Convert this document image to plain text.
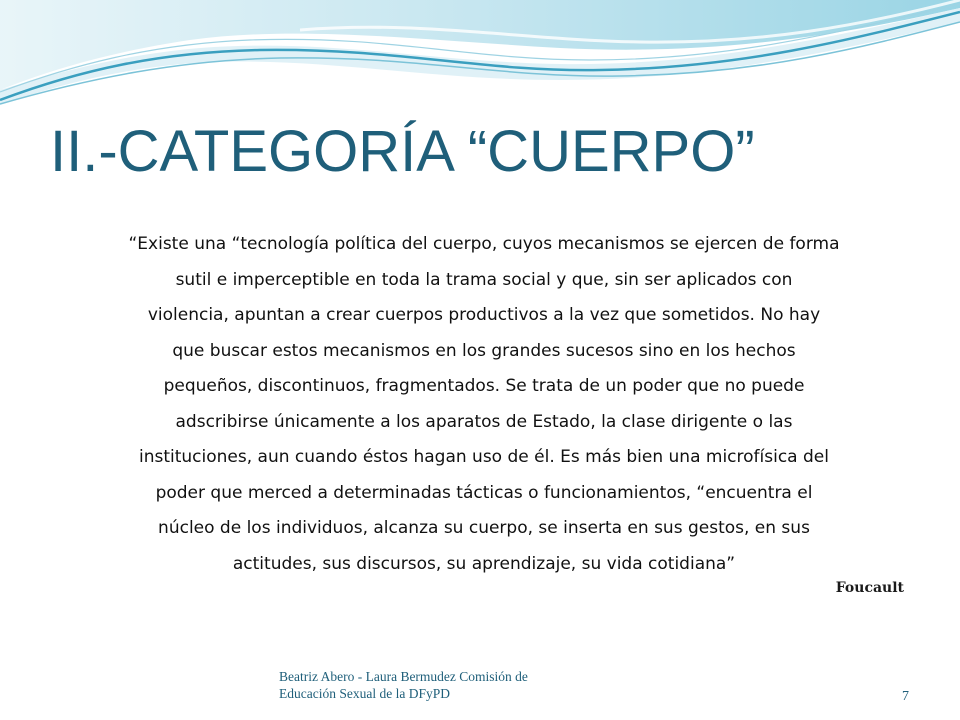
II.-CATEGORÍA “CUERPO”
“Existe una “tecnología política del cuerpo, cuyos mecanismos se ejercen de forma
sutil e imperceptible en toda la trama social y que, sin ser aplicados con
violencia, apuntan a crear cuerpos productivos a la vez que sometidos. No hay
que buscar estos mecanismos en los grandes sucesos sino en los hechos
pequeños, discontinuos, fragmentados. Se trata de un poder que no puede
adscribirse únicamente a los aparatos de Estado, la clase dirigente o las
instituciones, aun cuando éstos hagan uso de él. Es más bien una microfísica del
poder que merced a determinadas tácticas o funcionamientos, “encuentra el
núcleo de los individuos, alcanza su cuerpo, se inserta en sus gestos, en sus
actitudes, sus discursos, su aprendizaje, su vida cotidiana”
Foucault
Beatriz Abero - Laura Bermudez Comisión de
Educación Sexual de la DFyPD	7
